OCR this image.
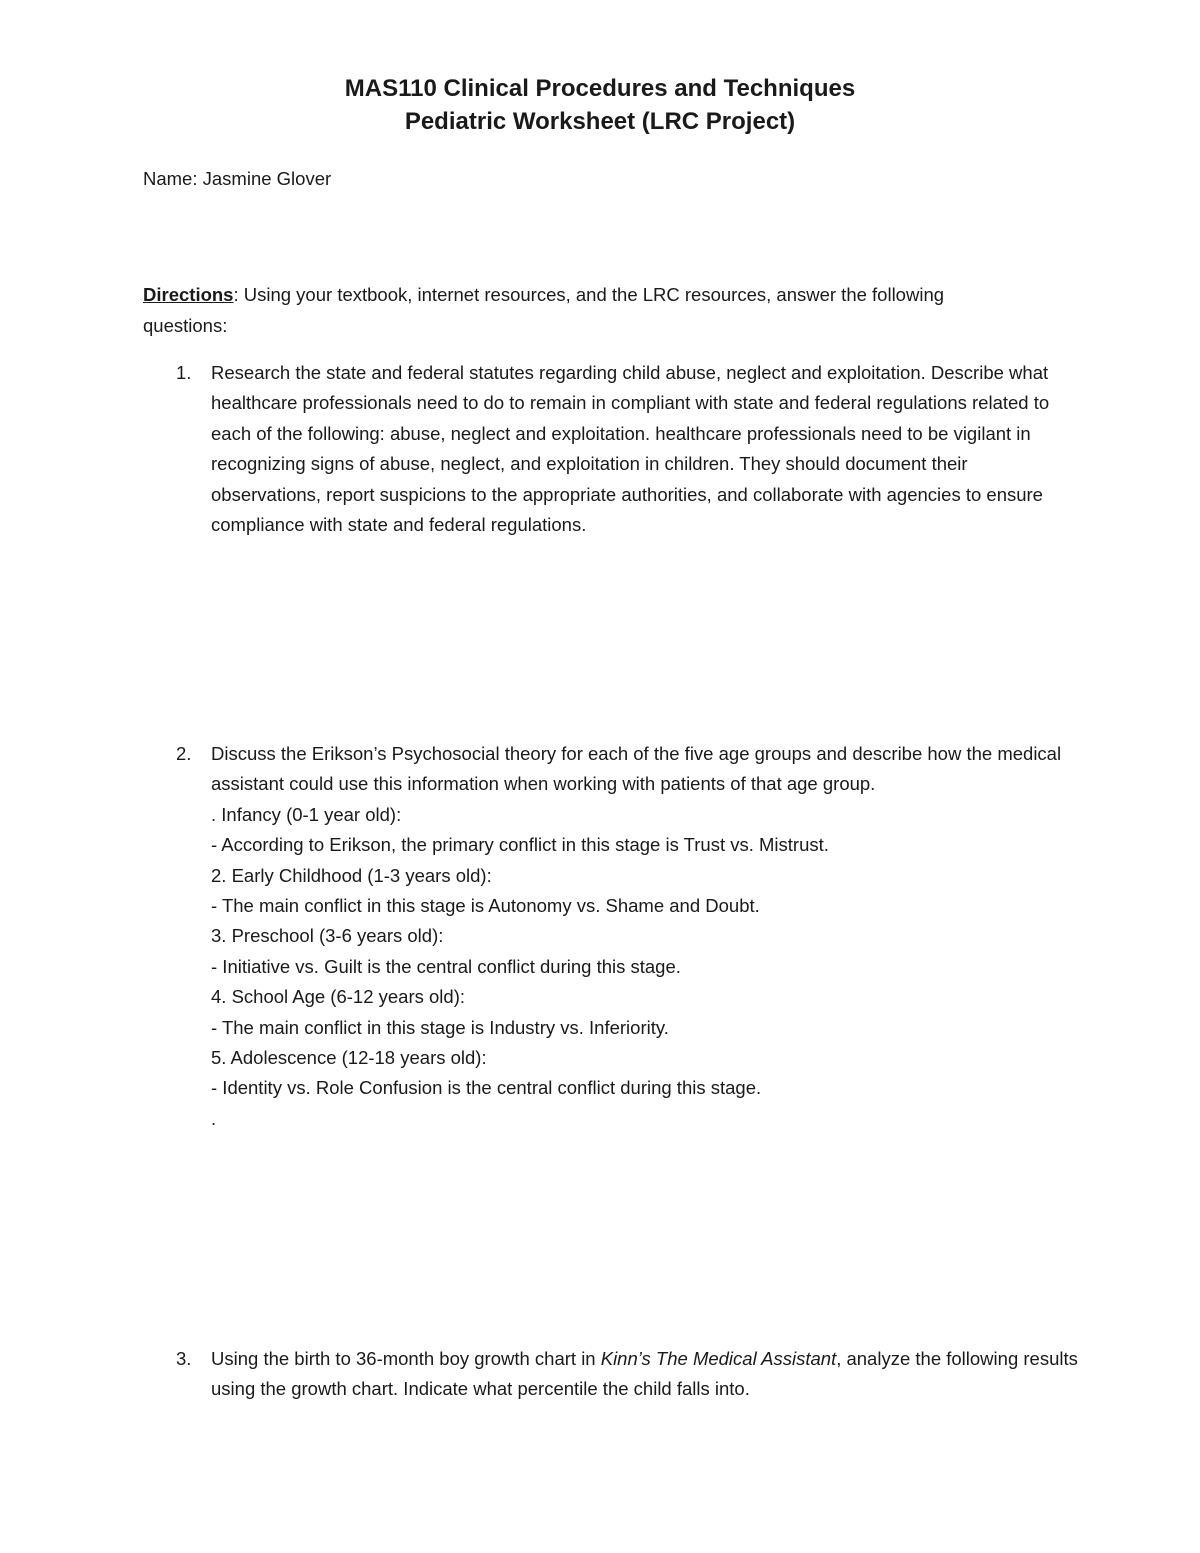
MAS110 Clinical Procedures and Techniques
Pediatric Worksheet (LRC Project)
Name: Jasmine Glover
Directions: Using your textbook, internet resources, and the LRC resources, answer the following questions:
1. Research the state and federal statutes regarding child abuse, neglect and exploitation. Describe what healthcare professionals need to do to remain in compliant with state and federal regulations related to each of the following: abuse, neglect and exploitation. healthcare professionals need to be vigilant in recognizing signs of abuse, neglect, and exploitation in children. They should document their observations, report suspicions to the appropriate authorities, and collaborate with agencies to ensure compliance with state and federal regulations.
2. Discuss the Erikson’s Psychosocial theory for each of the five age groups and describe how the medical assistant could use this information when working with patients of that age group.

. Infancy (0-1 year old):

- According to Erikson, the primary conflict in this stage is Trust vs. Mistrust.

2. Early Childhood (1-3 years old):

- The main conflict in this stage is Autonomy vs. Shame and Doubt.

3. Preschool (3-6 years old):

- Initiative vs. Guilt is the central conflict during this stage.

4. School Age (6-12 years old):

- The main conflict in this stage is Industry vs. Inferiority.

5. Adolescence (12-18 years old):

- Identity vs. Role Confusion is the central conflict during this stage.

.

3. Using the birth to 36-month boy growth chart in Kinn’s The Medical Assistant, analyze the following results using the growth chart. Indicate what percentile the child falls into.
